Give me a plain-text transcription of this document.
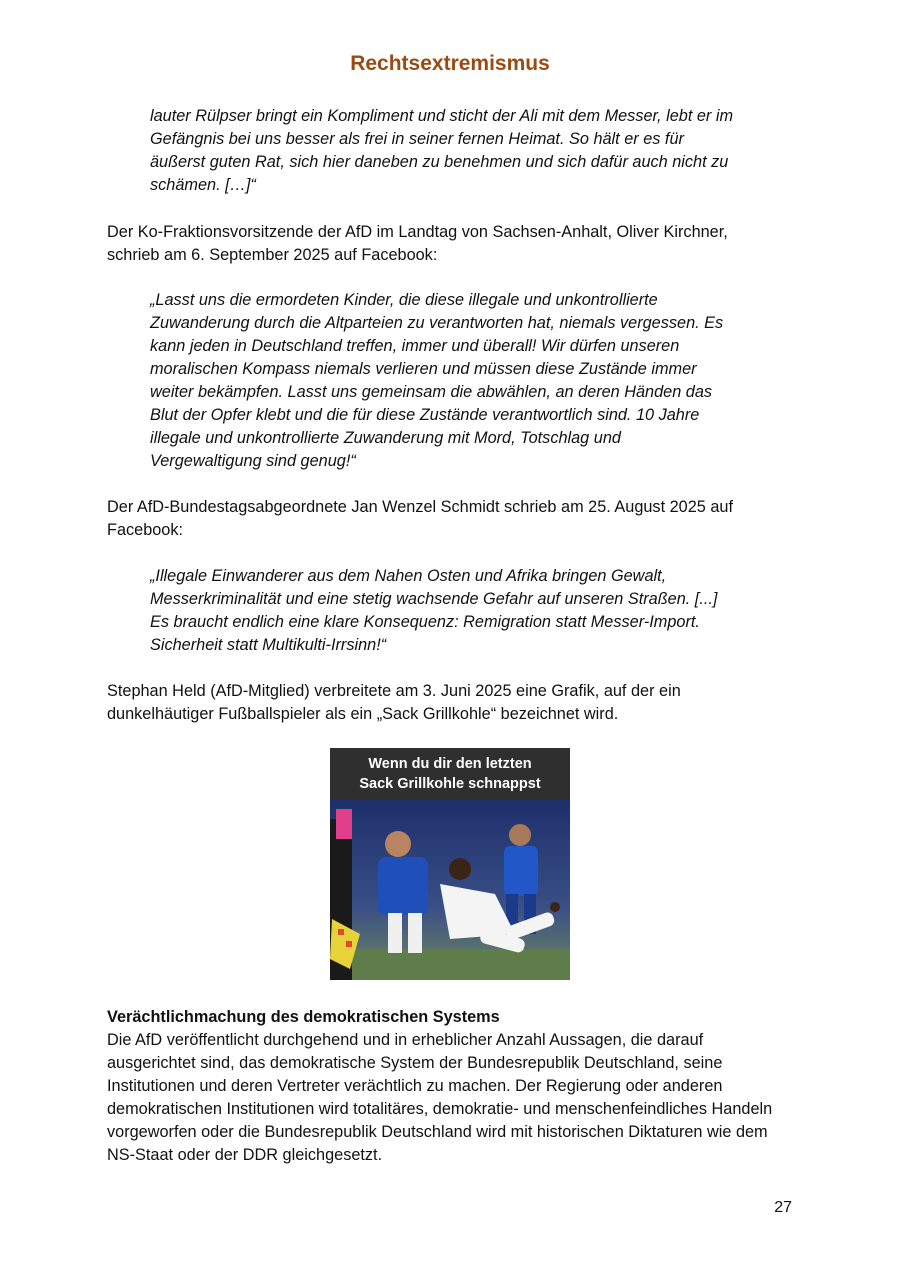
Rechtsextremismus
lauter Rülpser bringt ein Kompliment und sticht der Ali mit dem Messer, lebt er im
Gefängnis bei uns besser als frei in seiner fernen Heimat. So hält er es für
äußerst guten Rat, sich hier daneben zu benehmen und sich dafür auch nicht zu
schämen. […]“
Der Ko-Fraktionsvorsitzende der AfD im Landtag von Sachsen-Anhalt, Oliver Kirchner,
schrieb am 6. September 2025 auf Facebook:
„Lasst uns die ermordeten Kinder, die diese illegale und unkontrollierte
Zuwanderung durch die Altparteien zu verantworten hat, niemals vergessen. Es
kann jeden in Deutschland treffen, immer und überall! Wir dürfen unseren
moralischen Kompass niemals verlieren und müssen diese Zustände immer
weiter bekämpfen. Lasst uns gemeinsam die abwählen, an deren Händen das
Blut der Opfer klebt und die für diese Zustände verantwortlich sind. 10 Jahre
illegale und unkontrollierte Zuwanderung mit Mord, Totschlag und
Vergewaltigung sind genug!“
Der AfD-Bundestagsabgeordnete Jan Wenzel Schmidt schrieb am 25. August 2025 auf
Facebook:
„Illegale Einwanderer aus dem Nahen Osten und Afrika bringen Gewalt,
Messerkriminalität und eine stetig wachsende Gefahr auf unseren Straßen. [...]
Es braucht endlich eine klare Konsequenz: Remigration statt Messer-Import.
Sicherheit statt Multikulti-Irrsinn!“
Stephan Held (AfD-Mitglied) verbreitete am 3. Juni 2025 eine Grafik, auf der ein
dunkelhäutiger Fußballspieler als ein „Sack Grillkohle“ bezeichnet wird.
Wenn du dir den letzten
Sack Grillkohle schnappst
Verächtlichmachung des demokratischen Systems
Die AfD veröffentlicht durchgehend und in erheblicher Anzahl Aussagen, die darauf
ausgerichtet sind, das demokratische System der Bundesrepublik Deutschland, seine
Institutionen und deren Vertreter verächtlich zu machen. Der Regierung oder anderen
demokratischen Institutionen wird totalitäres, demokratie- und menschenfeindliches Handeln
vorgeworfen oder die Bundesrepublik Deutschland wird mit historischen Diktaturen wie dem
NS-Staat oder der DDR gleichgesetzt.
27
